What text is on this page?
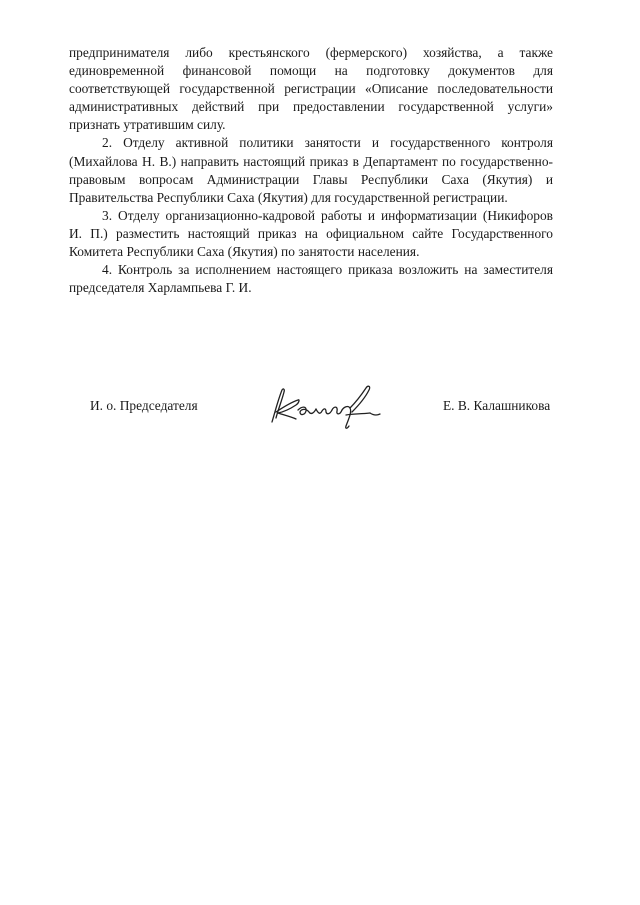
предпринимателя либо крестьянского (фермерского) хозяйства, а также единовременной финансовой помощи на подготовку документов для соответствующей государственной регистрации «Описание последовательности административных действий при предоставлении государственной услуги» признать утратившим силу.

2. Отделу активной политики занятости и государственного контроля (Михайлова Н. В.) направить настоящий приказ в Департамент по государственно-правовым вопросам Администрации Главы Республики Саха (Якутия) и Правительства Республики Саха (Якутия) для государственной регистрации.

3. Отделу организационно-кадровой работы и информатизации (Никифоров И. П.) разместить настоящий приказ на официальном сайте Государственного Комитета Республики Саха (Якутия) по занятости населения.

4. Контроль за исполнением настоящего приказа возложить на заместителя председателя Харлампьева Г. И.

И. о. Председателя	Е. В. Калашникова
